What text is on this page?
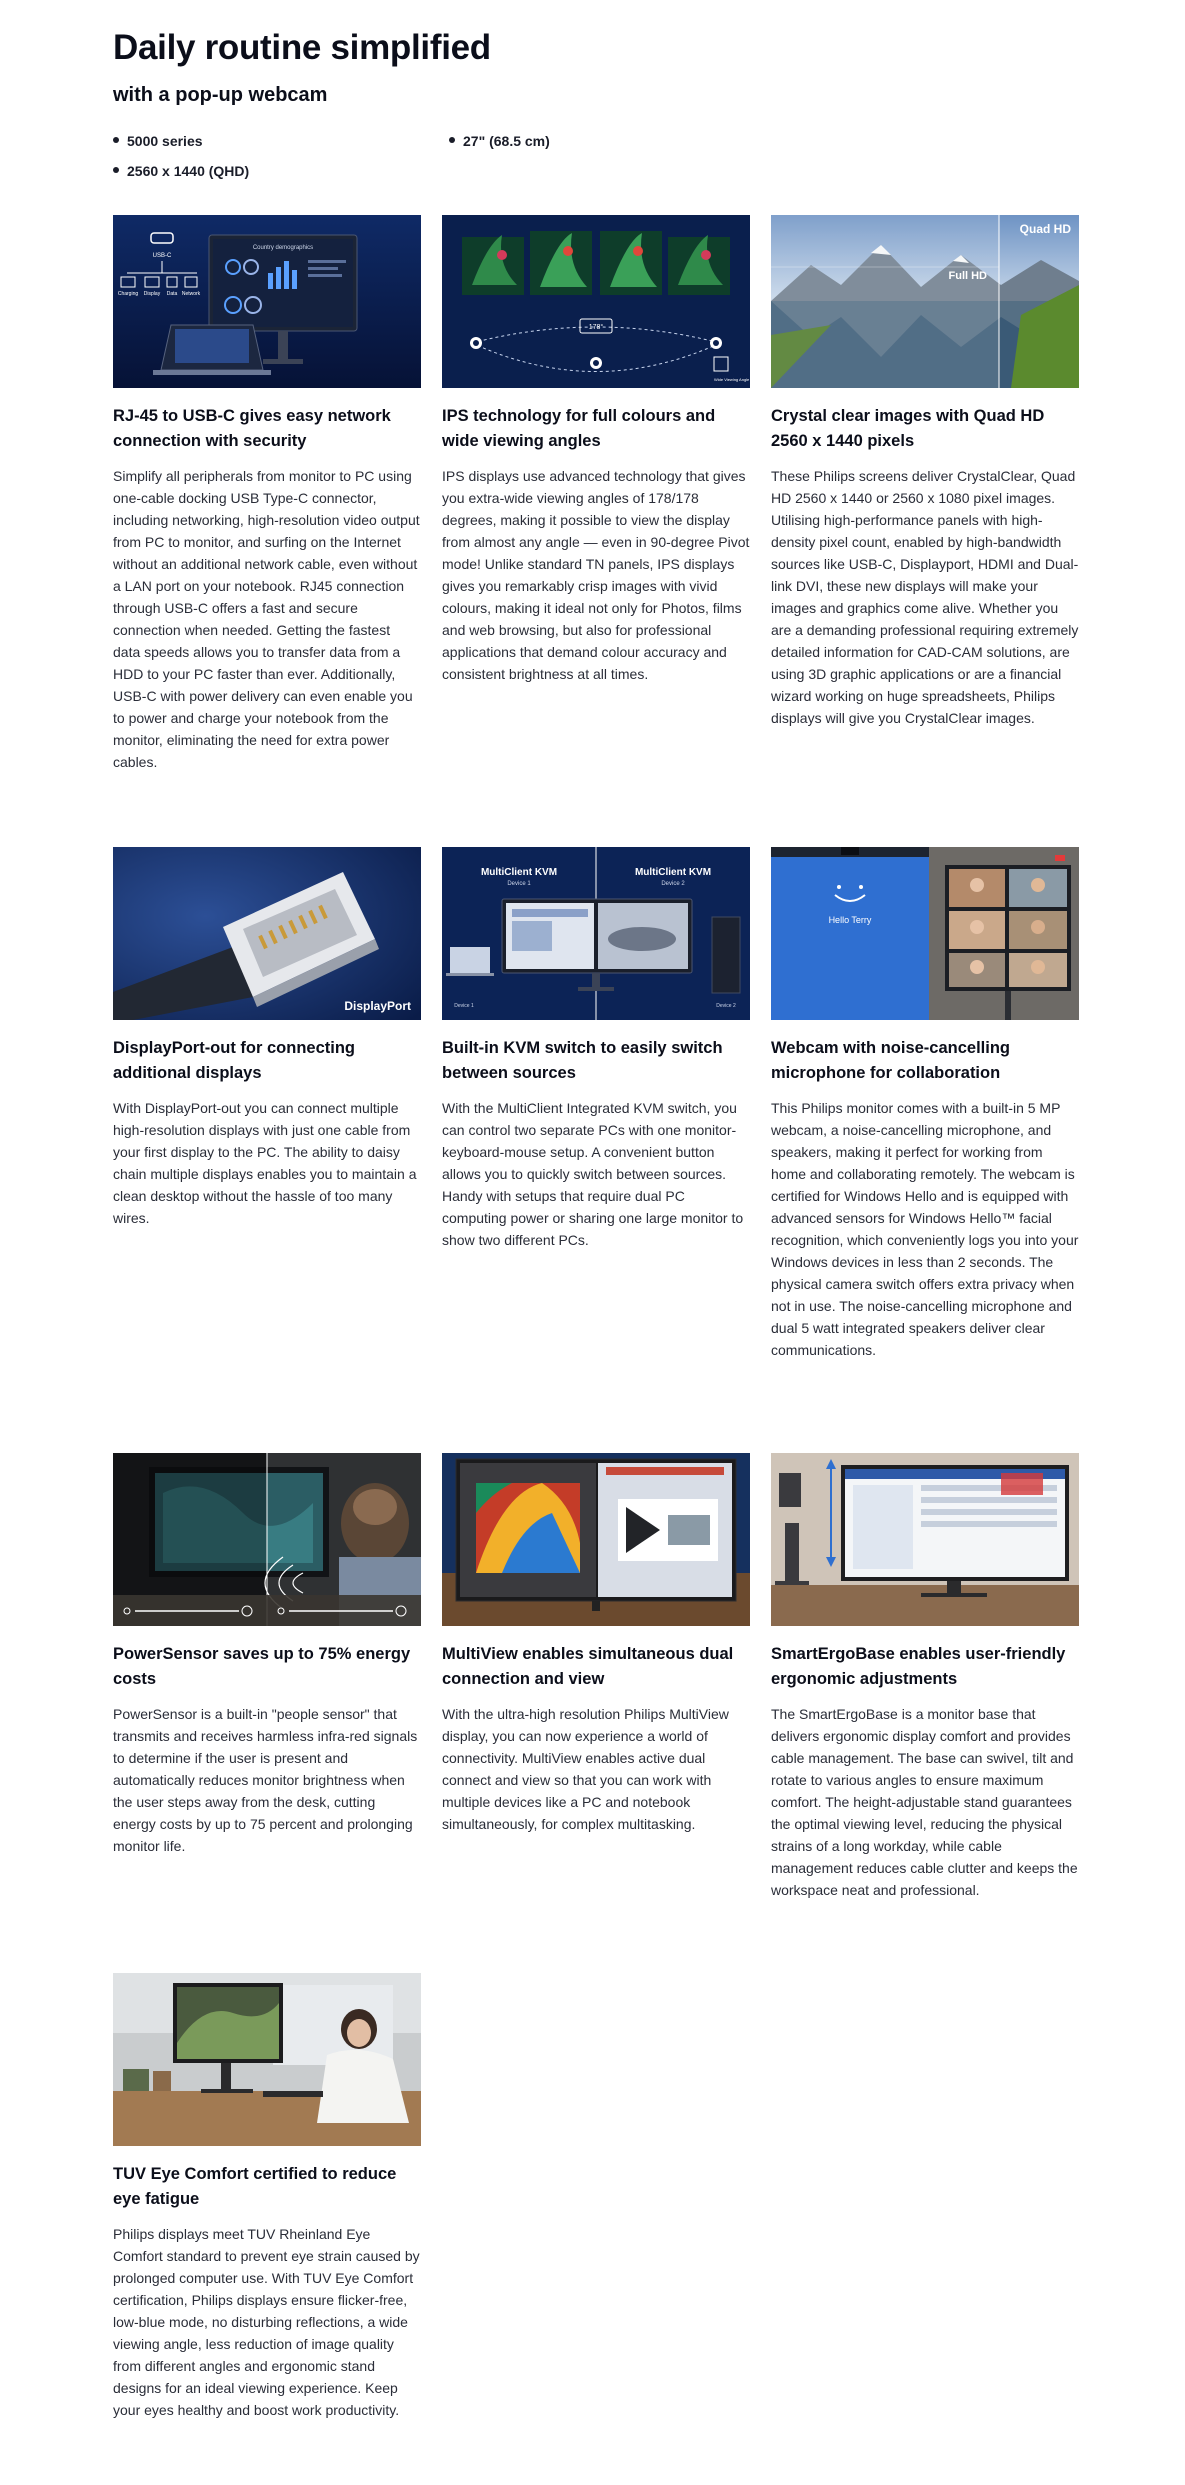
Daily routine simplified
with a pop-up webcam
5000 series	27" (68.5 cm)
2560 x 1440 (QHD)
Country demographics
USB-C
Charging Display Data Network
RJ-45 to USB-C gives easy network connection with security

Simplify all peripherals from monitor to PC using one-cable docking USB Type-C connector, including networking, high-resolution video output from PC to monitor, and surfing on the Internet without an additional network cable, even without a LAN port on your notebook. RJ45 connection through USB-C offers a fast and secure connection when needed. Getting the fastest data speeds allows you to transfer data from a HDD to your PC faster than ever. Additionally, USB-C with power delivery can even enable you to power and charge your notebook from the monitor, eliminating the need for extra power cables.

178°
Wide Viewing Angle
IPS technology for full colours and wide viewing angles

IPS displays use advanced technology that gives you extra-wide viewing angles of 178/178 degrees, making it possible to view the display from almost any angle — even in 90-degree Pivot mode! Unlike standard TN panels, IPS displays gives you remarkably crisp images with vivid colours, making it ideal not only for Photos, films and web browsing, but also for professional applications that demand colour accuracy and consistent brightness at all times.

Quad HD
Full HD
Crystal clear images with Quad HD 2560 x 1440 pixels

These Philips screens deliver CrystalClear, Quad HD 2560 x 1440 or 2560 x 1080 pixel images. Utilising high-performance panels with high-density pixel count, enabled by high-bandwidth sources like USB-C, Displayport, HDMI and Dual-link DVI, these new displays will make your images and graphics come alive. Whether you are a demanding professional requiring extremely detailed information for CAD-CAM solutions, are using 3D graphic applications or are a financial wizard working on huge spreadsheets, Philips displays will give you CrystalClear images.

DisplayPort
DisplayPort-out for connecting additional displays

With DisplayPort-out you can connect multiple high-resolution displays with just one cable from your first display to the PC. The ability to daisy chain multiple displays enables you to maintain a clean desktop without the hassle of too many wires.

MultiClient KVM
Device 1
MultiClient KVM
Device 2
Device 1	Device 2
Built-in KVM switch to easily switch between sources

With the MultiClient Integrated KVM switch, you can control two separate PCs with one monitor-keyboard-mouse setup. A convenient button allows you to quickly switch between sources. Handy with setups that require dual PC computing power or sharing one large monitor to show two different PCs.

Hello Terry
Webcam with noise-cancelling microphone for collaboration

This Philips monitor comes with a built-in 5 MP webcam, a noise-cancelling microphone, and speakers, making it perfect for working from home and collaborating remotely. The webcam is certified for Windows Hello and is equipped with advanced sensors for Windows Hello™ facial recognition, which conveniently logs you into your Windows devices in less than 2 seconds. The physical camera switch offers extra privacy when not in use. The noise-cancelling microphone and dual 5 watt integrated speakers deliver clear communications.

PowerSensor saves up to 75% energy costs

PowerSensor is a built-in "people sensor" that transmits and receives harmless infra-red signals to determine if the user is present and automatically reduces monitor brightness when the user steps away from the desk, cutting energy costs by up to 75 percent and prolonging monitor life.

MultiView enables simultaneous dual connection and view

With the ultra-high resolution Philips MultiView display, you can now experience a world of connectivity. MultiView enables active dual connect and view so that you can work with multiple devices like a PC and notebook simultaneously, for complex multitasking.

SmartErgoBase enables user-friendly ergonomic adjustments

The SmartErgoBase is a monitor base that delivers ergonomic display comfort and provides cable management. The base can swivel, tilt and rotate to various angles to ensure maximum comfort. The height-adjustable stand guarantees the optimal viewing level, reducing the physical strains of a long workday, while cable management reduces cable clutter and keeps the workspace neat and professional.

TUV Eye Comfort certified to reduce eye fatigue

Philips displays meet TUV Rheinland Eye Comfort standard to prevent eye strain caused by prolonged computer use. With TUV Eye Comfort certification, Philips displays ensure flicker-free, low-blue mode, no disturbing reflections, a wide viewing angle, less reduction of image quality from different angles and ergonomic stand designs for an ideal viewing experience. Keep your eyes healthy and boost work productivity.
